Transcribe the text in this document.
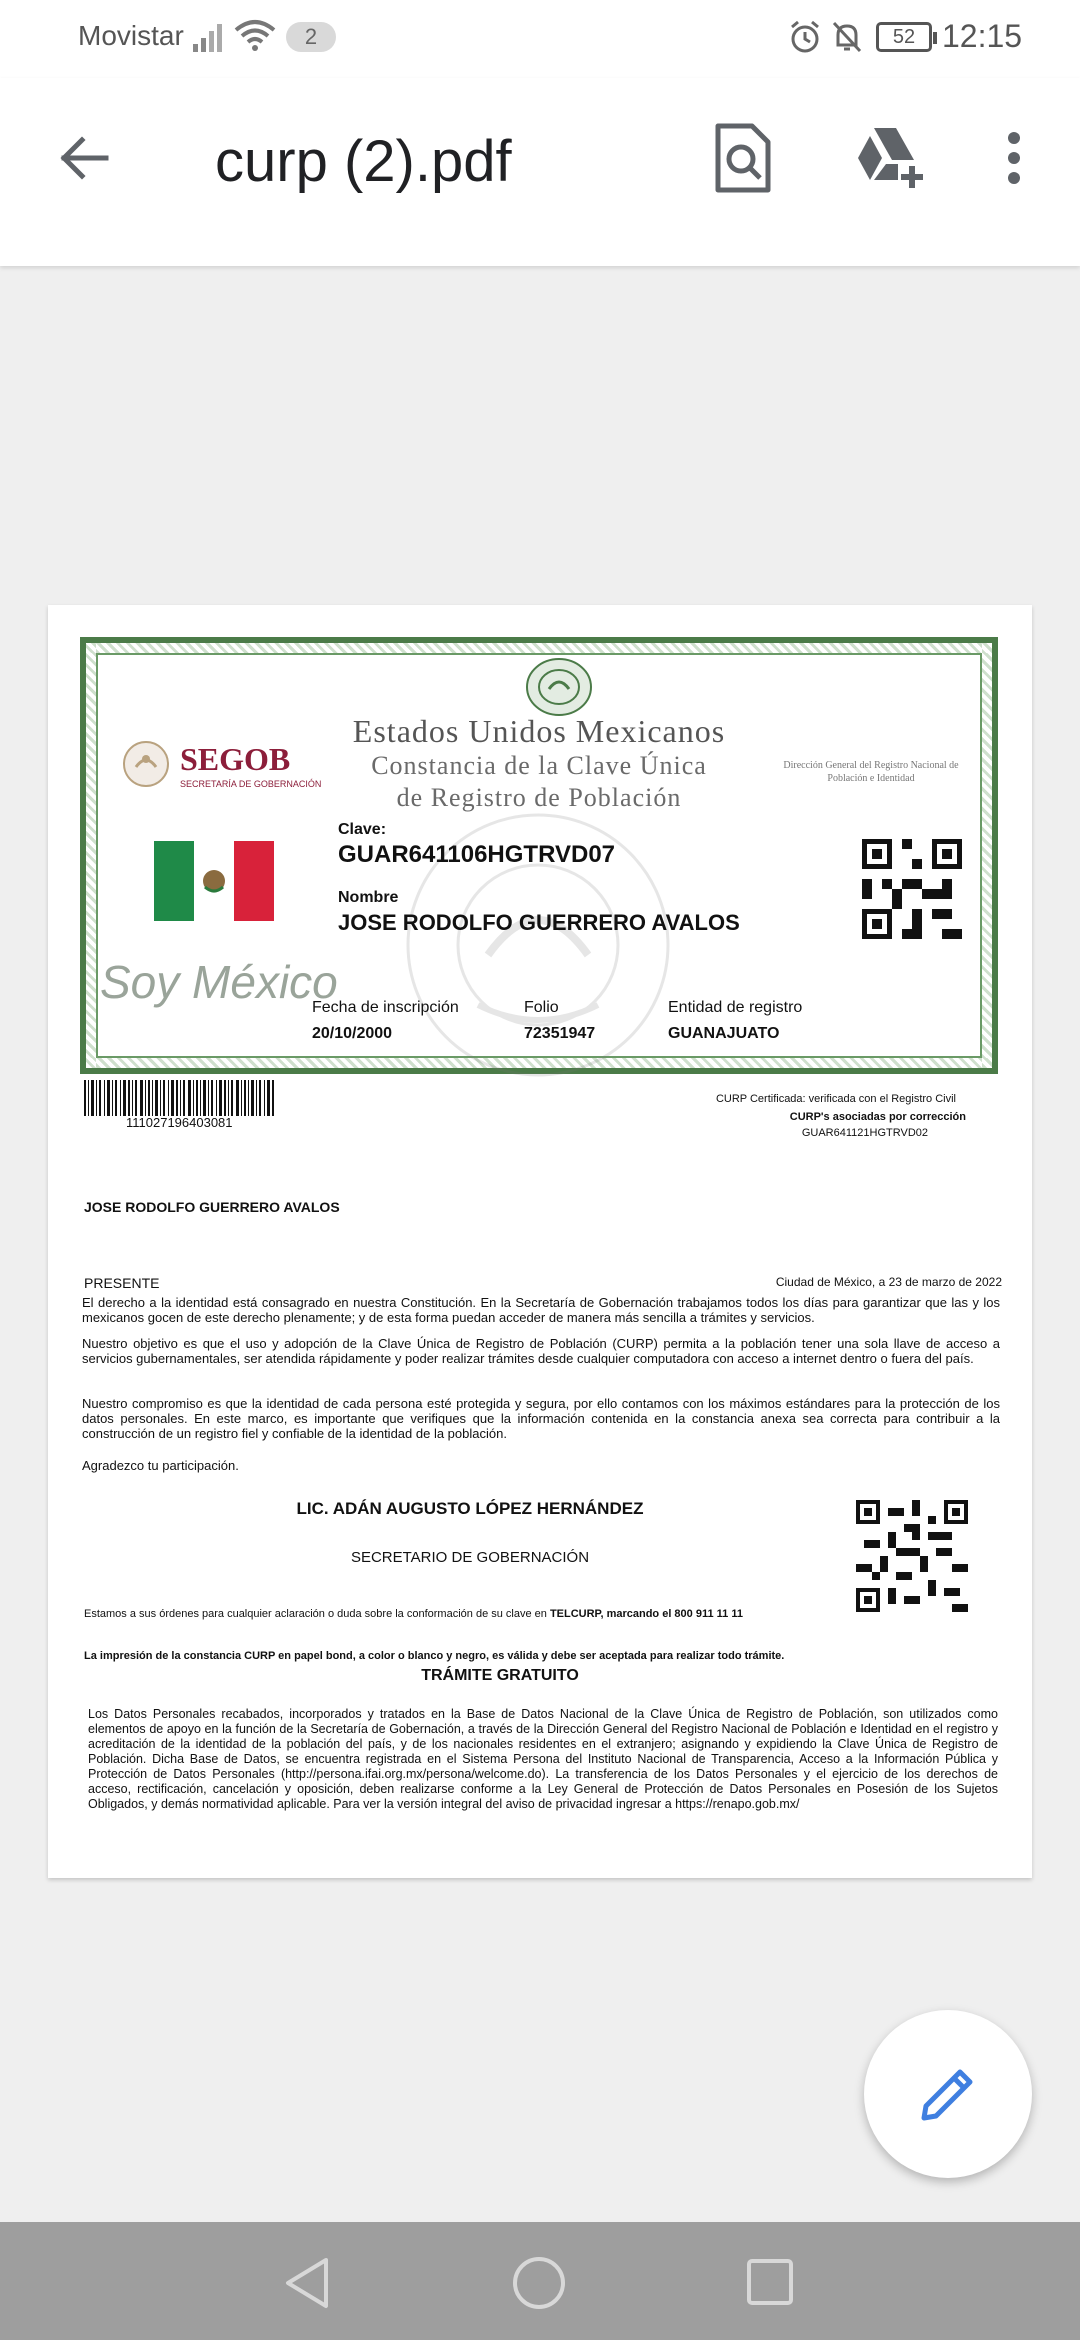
Movistar	2	52 12:15
curp (2).pdf
Estados Unidos Mexicanos
Constancia de la Clave Única
de Registro de Población
SEGOB
SECRETARÍA DE GOBERNACIÓN
Dirección General del Registro Nacional de Población e Identidad
Clave:
GUAR641106HGTRVD07
Nombre
JOSE RODOLFO GUERRERO AVALOS
Soy México
Fecha de inscripción
20/10/2000
Folio
72351947
Entidad de registro
GUANAJUATO
111027196403081
CURP Certificada: verificada con el Registro Civil
CURP's asociadas por corrección
GUAR641121HGTRVD02
JOSE RODOLFO GUERRERO AVALOS
PRESENTE	Ciudad de México, a 23 de marzo de 2022

El derecho a la identidad está consagrado en nuestra Constitución. En la Secretaría de Gobernación trabajamos todos los días para garantizar que las y los mexicanos gocen de este derecho plenamente; y de esta forma puedan acceder de manera más sencilla a trámites y servicios.

Nuestro objetivo es que el uso y adopción de la Clave Única de Registro de Población (CURP) permita a la población tener una sola llave de acceso a servicios gubernamentales, ser atendida rápidamente y poder realizar trámites desde cualquier computadora con acceso a internet dentro o fuera del país.

Nuestro compromiso es que la identidad de cada persona esté protegida y segura, por ello contamos con los máximos estándares para la protección de los datos personales. En este marco, es importante que verifiques que la información contenida en la constancia anexa sea correcta para contribuir a la construcción de un registro fiel y confiable de la identidad de la población.

Agradezco tu participación.

LIC. ADÁN AUGUSTO LÓPEZ HERNÁNDEZ
SECRETARIO DE GOBERNACIÓN
Estamos a sus órdenes para cualquier aclaración o duda sobre la conformación de su clave en TELCURP, marcando el 800 911 11 11
La impresión de la constancia CURP en papel bond, a color o blanco y negro, es válida y debe ser aceptada para realizar todo trámite.
TRÁMITE GRATUITO

Los Datos Personales recabados, incorporados y tratados en la Base de Datos Nacional de la Clave Única de Registro de Población, son utilizados como elementos de apoyo en la función de la Secretaría de Gobernación, a través de la Dirección General del Registro Nacional de Población e Identidad en el registro y acreditación de la identidad de la población del país, y de los nacionales residentes en el extranjero; asignando y expidiendo la Clave Única de Registro de Población. Dicha Base de Datos, se encuentra registrada en el Sistema Persona del Instituto Nacional de Transparencia, Acceso a la Información Pública y Protección de Datos Personales (http://persona.ifai.org.mx/persona/welcome.do). La transferencia de los Datos Personales y el ejercicio de los derechos de acceso, rectificación, cancelación y oposición, deben realizarse conforme a la Ley General de Protección de Datos Personales en Posesión de los Sujetos Obligados, y demás normatividad aplicable. Para ver la versión integral del aviso de privacidad ingresar a https://renapo.gob.mx/
